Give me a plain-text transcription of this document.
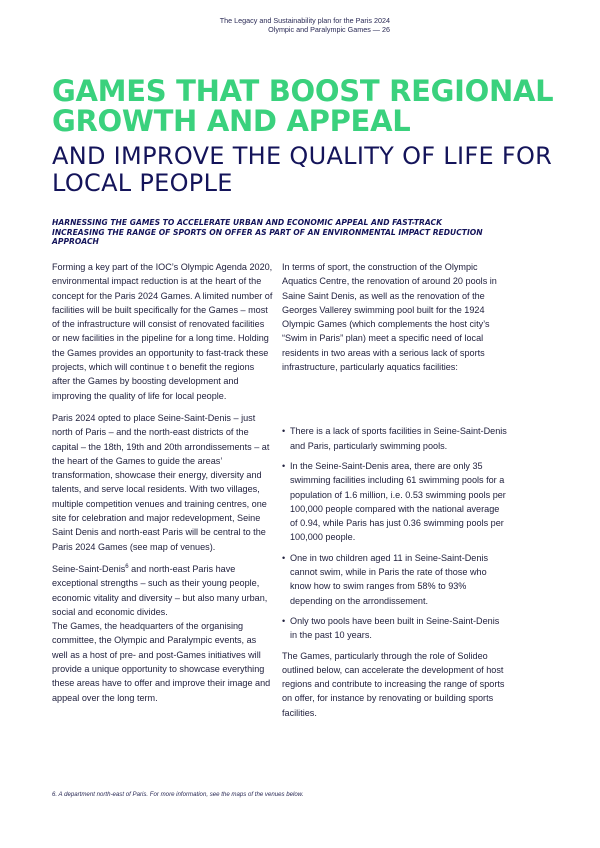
The Legacy and Sustainability plan for the Paris 2024
Olympic and Paralympic Games — 26
GAMES THAT BOOST REGIONAL GROWTH AND APPEAL
AND IMPROVE THE QUALITY OF LIFE FOR LOCAL PEOPLE
HARNESSING THE GAMES TO ACCELERATE URBAN AND ECONOMIC APPEAL AND FAST-TRACK INCREASING THE RANGE OF SPORTS ON OFFER AS PART OF AN ENVIRONMENTAL IMPACT REDUCTION APPROACH

Forming a key part of the IOC’s Olympic Agenda 2020, environmental impact reduction is at the heart of the concept for the Paris 2024 Games. A limited number of facilities will be built specifically for the Games – most of the infrastructure will consist of renovated facilities or new facilities in the pipeline for a long time. Holding the Games provides an opportunity to fast-track these projects, which will continue t o benefit the regions after the Games by boosting development and improving the quality of life for local people.

Paris 2024 opted to place Seine-Saint-Denis – just north of Paris – and the north-east districts of the capital – the 18th, 19th and 20th arrondissements – at the heart of the Games to guide the areas’ transformation, showcase their energy, diversity and talents, and serve local residents. With two villages, multiple competition venues and training centres, one site for celebration and major redevelopment, Seine Saint Denis and north-east Paris will be central to the Paris 2024 Games (see map of venues).

Seine-Saint-Denis$^6$ and north-east Paris have exceptional strengths – such as their young people, economic vitality and diversity – but also many urban, social and economic divides.

The Games, the headquarters of the organising committee, the Olympic and Paralympic events, as well as a host of pre- and post-Games initiatives will provide a unique opportunity to showcase everything these areas have to offer and improve their image and appeal over the long term.

In terms of sport, the construction of the Olympic Aquatics Centre, the renovation of around 20 pools in Saine Saint Denis, as well as the renovation of the Georges Vallerey swimming pool built for the 1924 Olympic Games (which complements the host city’s “Swim in Paris” plan) meet a specific need of local residents in two areas with a serious lack of sports infrastructure, particularly aquatics facilities:

• There is a lack of sports facilities in Seine-Saint-Denis and Paris, particularly swimming pools.
• In the Seine-Saint-Denis area, there are only 35 swimming facilities including 61 swimming pools for a population of 1.6 million, i.e. 0.53 swimming pools per 100,000 people compared with the national average of 0.94, while Paris has just 0.36 swimming pools per 100,000 people.
• One in two children aged 11 in Seine-Saint-Denis cannot swim, while in Paris the rate of those who know how to swim ranges from 58% to 93% depending on the arrondissement.
• Only two pools have been built in Seine-Saint-Denis in the past 10 years.

The Games, particularly through the role of Solideo outlined below, can accelerate the development of host regions and contribute to increasing the range of sports on offer, for instance by renovating or building sports facilities.

6. A department north-east of Paris. For more information, see the maps of the venues below.
